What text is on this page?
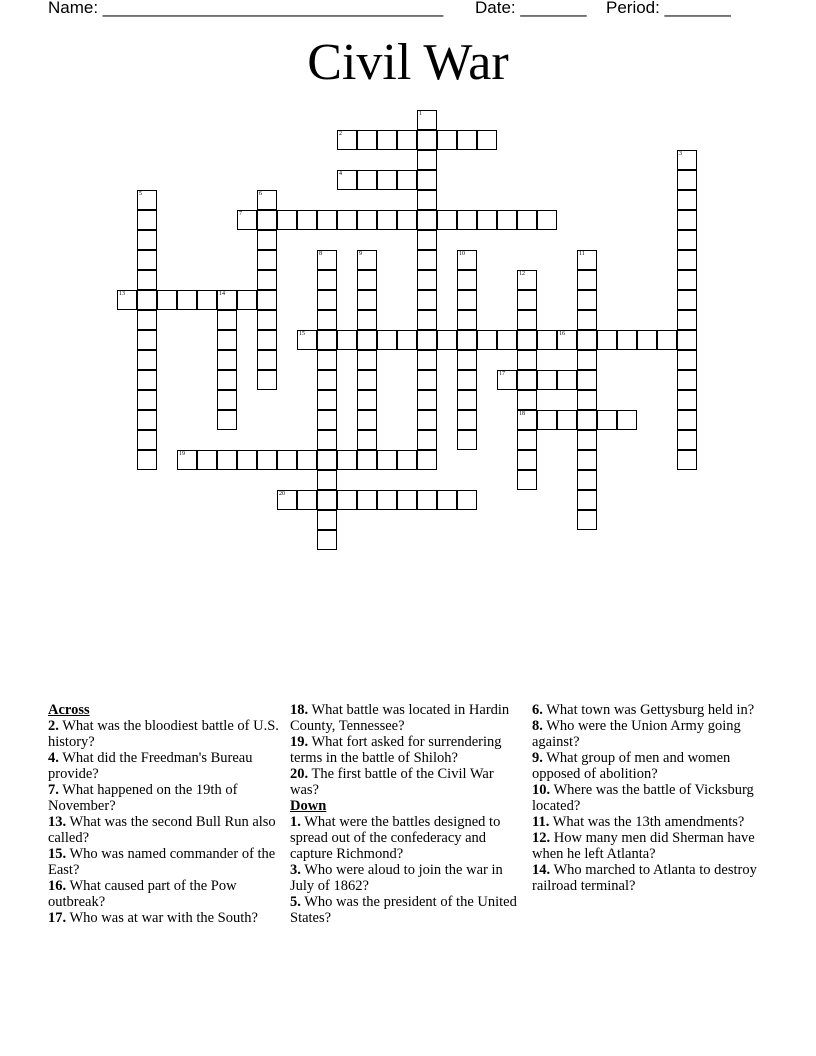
Name: ____________________________________ Date: _______ Period: _______
Civil War
1
2
3
4
5	6
7
8	9	10	11
12
18
13	14
15	16
17
19
20
Across
2. What was the bloodiest battle of U.S. history?
4. What did the Freedman's Bureau provide?
7. What happened on the 19th of November?
13. What was the second Bull Run also called?
15. Who was named commander of the East?
16. What caused part of the Pow outbreak?
17. Who was at war with the South?
18. What battle was located in Hardin County, Tennessee?
19. What fort asked for surrendering terms in the battle of Shiloh?
20. The first battle of the Civil War was?
Down
1. What were the battles designed to spread out of the confederacy and capture Richmond?
3. Who were aloud to join the war in July of 1862?
5. Who was the president of the United States?
6. What town was Gettysburg held in?
8. Who were the Union Army going against?
9. What group of men and women opposed of abolition?
10. Where was the battle of Vicksburg located?
11. What was the 13th amendments?
12. How many men did Sherman have when he left Atlanta?
14. Who marched to Atlanta to destroy railroad terminal?
